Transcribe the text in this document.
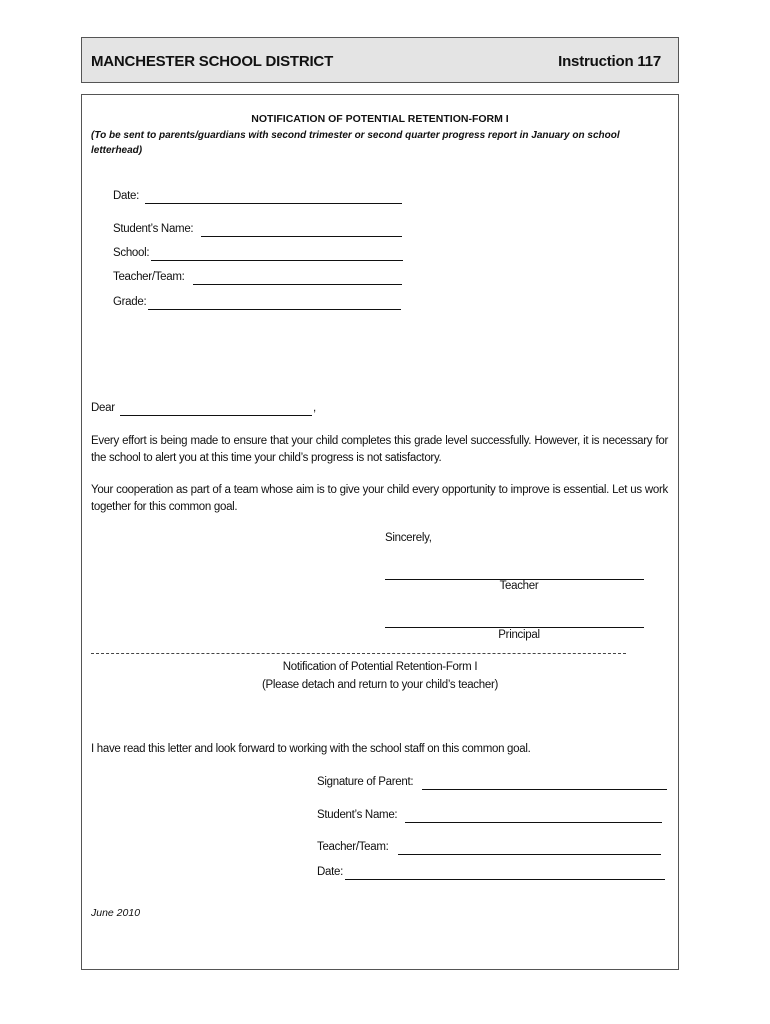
MANCHESTER SCHOOL DISTRICT	Instruction 117
NOTIFICATION OF POTENTIAL RETENTION-FORM I
(To be sent to parents/guardians with second trimester or second quarter progress report in January on school letterhead)
Date:
Student’s Name:
School:
Teacher/Team:
Grade:
Dear	,
Every effort is being made to ensure that your child completes this grade level successfully. However, it is necessary for the school to alert you at this time your child’s progress is not satisfactory.
Your cooperation as part of a team whose aim is to give your child every opportunity to improve is essential. Let us work together for this common goal.
Sincerely,
Teacher
Principal
Notification of Potential Retention-Form I
(Please detach and return to your child’s teacher)
I have read this letter and look forward to working with the school staff on this common goal.
Signature of Parent:
Student’s Name:
Teacher/Team:
Date:
June 2010
